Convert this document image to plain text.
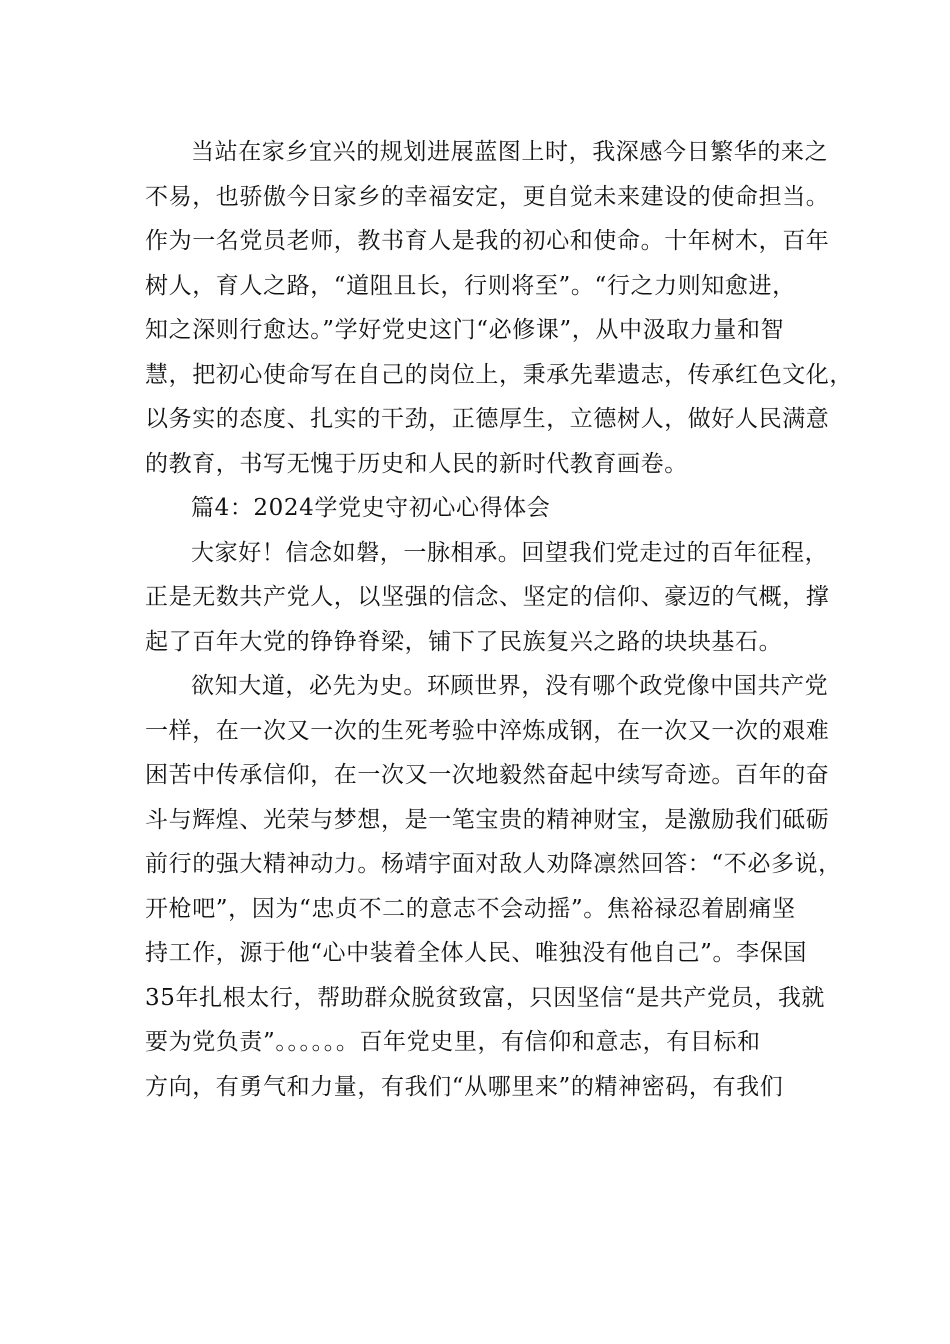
当站在家乡宜兴的规划进展蓝图上时，我深感今日繁华的来之
不易，也骄傲今日家乡的幸福安定，更自觉未来建设的使命担当。
作为一名党员老师，教书育人是我的初心和使命。十年树木，百年
树人，育人之路，“道阻且长，行则将至”。“行之力则知愈进，
知之深则行愈达。”学好党史这门“必修课”，从中汲取力量和智
慧，把初心使命写在自己的岗位上，秉承先辈遗志，传承红色文化，
以务实的态度、扎实的干劲，正德厚生，立德树人，做好人民满意
的教育，书写无愧于历史和人民的新时代教育画卷。
篇4：2024学党史守初心心得体会
大家好！信念如磐，一脉相承。回望我们党走过的百年征程，
正是无数共产党人，以坚强的信念、坚定的信仰、豪迈的气概，撑
起了百年大党的铮铮脊梁，铺下了民族复兴之路的块块基石。
欲知大道，必先为史。环顾世界，没有哪个政党像中国共产党
一样，在一次又一次的生死考验中淬炼成钢，在一次又一次的艰难
困苦中传承信仰，在一次又一次地毅然奋起中续写奇迹。百年的奋
斗与辉煌、光荣与梦想，是一笔宝贵的精神财宝，是激励我们砥砺
前行的强大精神动力。杨靖宇面对敌人劝降凛然回答：“不必多说，
开枪吧”，因为“忠贞不二的意志不会动摇”。焦裕禄忍着剧痛坚
持工作，源于他“心中装着全体人民、唯独没有他自己”。李保国
35年扎根太行，帮助群众脱贫致富，只因坚信“是共产党员，我就
要为党负责”。。。。。。百年党史里，有信仰和意志，有目标和
方向，有勇气和力量，有我们“从哪里来”的精神密码，有我们
